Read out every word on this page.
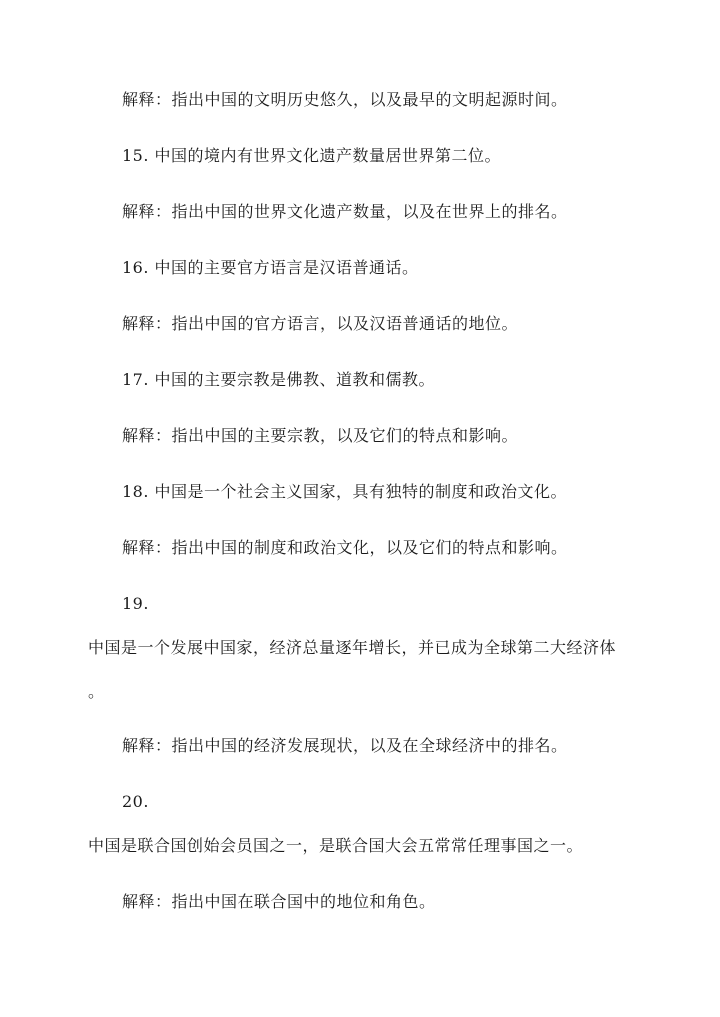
解释：指出中国的文明历史悠久，以及最早的文明起源时间。
15. 中国的境内有世界文化遗产数量居世界第二位。
解释：指出中国的世界文化遗产数量，以及在世界上的排名。
16. 中国的主要官方语言是汉语普通话。
解释：指出中国的官方语言，以及汉语普通话的地位。
17. 中国的主要宗教是佛教、道教和儒教。
解释：指出中国的主要宗教，以及它们的特点和影响。
18. 中国是一个社会主义国家，具有独特的制度和政治文化。
解释：指出中国的制度和政治文化，以及它们的特点和影响。
19.
中国是一个发展中国家，经济总量逐年增长，并已成为全球第二大经济体
。
解释：指出中国的经济发展现状，以及在全球经济中的排名。
20.
中国是联合国创始会员国之一，是联合国大会五常常任理事国之一。
解释：指出中国在联合国中的地位和角色。
